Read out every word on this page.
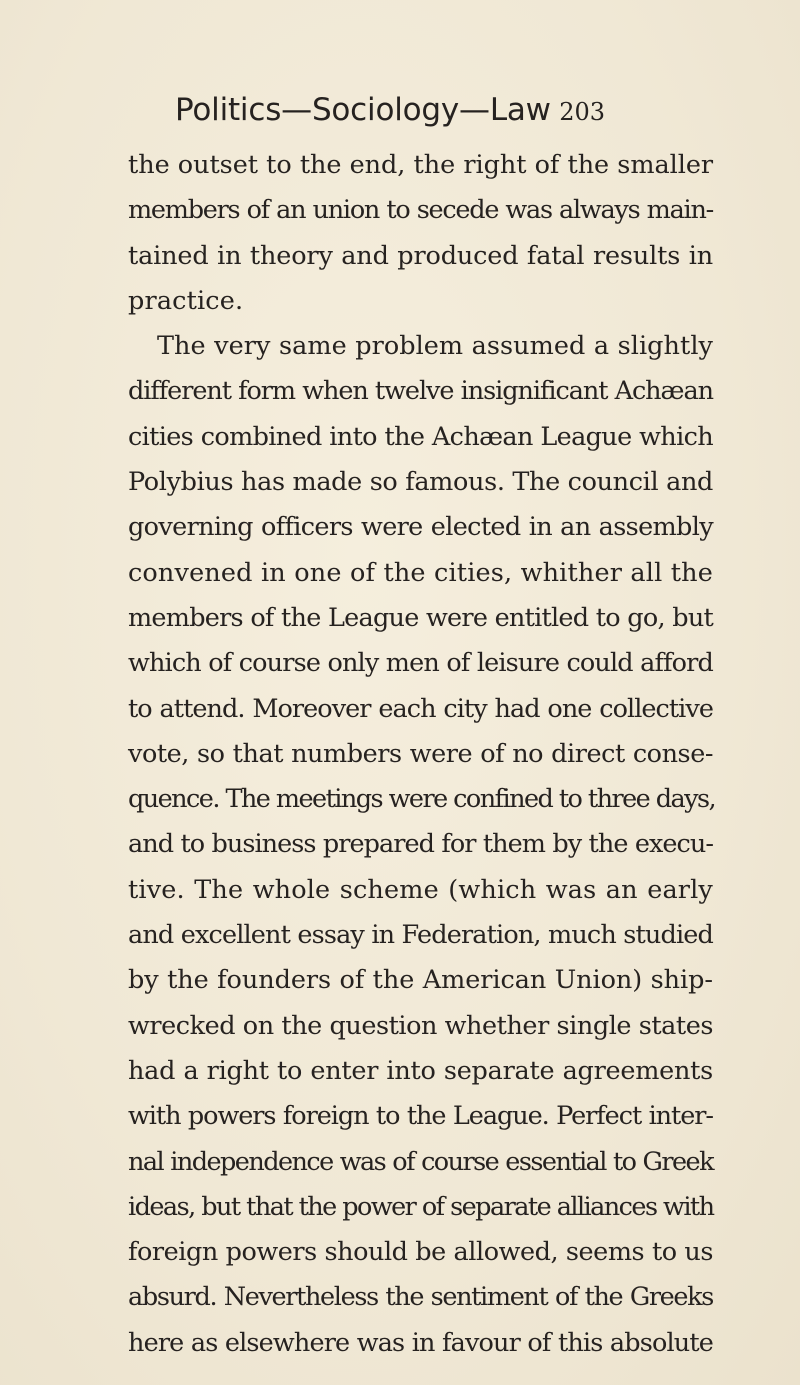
Politics—Sociology—Law 203
the outset to the end, the right of the smaller
members of an union to secede was always main-
tained in theory and produced fatal results in
practice.
The very same problem assumed a slightly
different form when twelve insignificant Achæan
cities combined into the Achæan League which
Polybius has made so famous. The council and
governing officers were elected in an assembly
convened in one of the cities, whither all the
members of the League were entitled to go, but
which of course only men of leisure could afford
to attend. Moreover each city had one collective
vote, so that numbers were of no direct conse-
quence. The meetings were confined to three days,
and to business prepared for them by the execu-
tive. The whole scheme (which was an early
and excellent essay in Federation, much studied
by the founders of the American Union) ship-
wrecked on the question whether single states
had a right to enter into separate agreements
with powers foreign to the League. Perfect inter-
nal independence was of course essential to Greek
ideas, but that the power of separate alliances with
foreign powers should be allowed, seems to us
absurd. Nevertheless the sentiment of the Greeks
here as elsewhere was in favour of this absolute
